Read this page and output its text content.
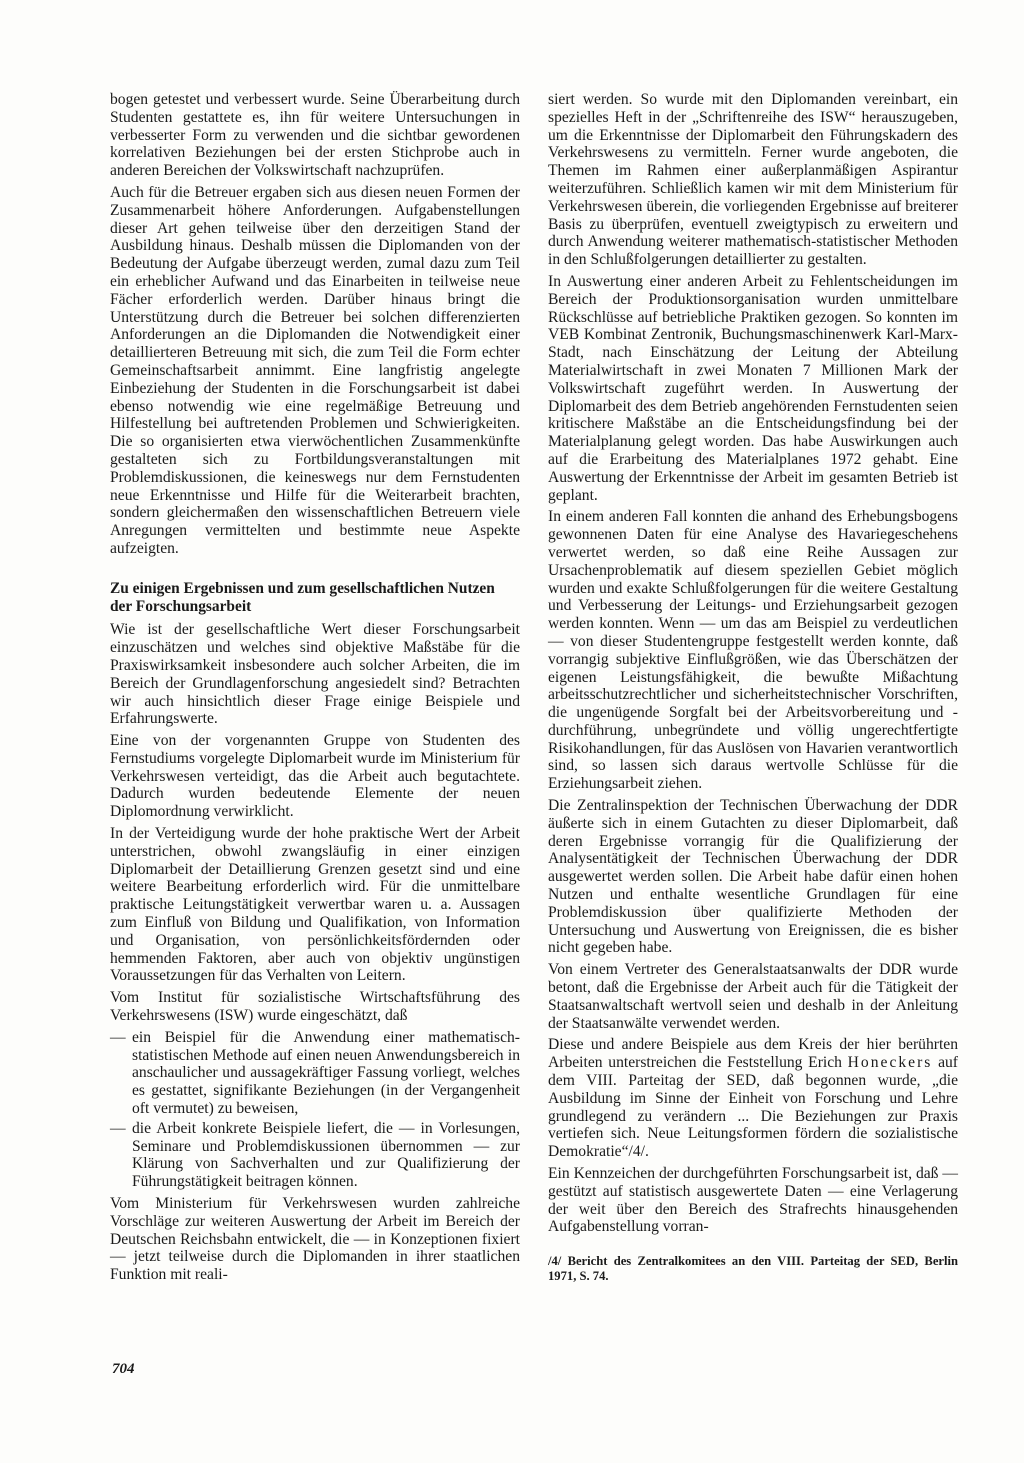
bogen getestet und verbessert wurde. Seine Überarbeitung durch Studenten gestattete es, ihn für weitere Untersuchungen in verbesserter Form zu verwenden und die sichtbar gewordenen korrelativen Beziehungen bei der ersten Stichprobe auch in anderen Bereichen der Volkswirtschaft nachzuprüfen.

Auch für die Betreuer ergaben sich aus diesen neuen Formen der Zusammenarbeit höhere Anforderungen. Aufgabenstellungen dieser Art gehen teilweise über den derzeitigen Stand der Ausbildung hinaus. Deshalb müssen die Diplomanden von der Bedeutung der Aufgabe überzeugt werden, zumal dazu zum Teil ein erheblicher Aufwand und das Einarbeiten in teilweise neue Fächer erforderlich werden. Darüber hinaus bringt die Unterstützung durch die Betreuer bei solchen differenzierten Anforderungen an die Diplomanden die Notwendigkeit einer detaillierteren Betreuung mit sich, die zum Teil die Form echter Gemeinschaftsarbeit annimmt. Eine langfristig angelegte Einbeziehung der Studenten in die Forschungsarbeit ist dabei ebenso notwendig wie eine regelmäßige Betreuung und Hilfestellung bei auftretenden Problemen und Schwierigkeiten. Die so organisierten etwa vierwöchentlichen Zusammenkünfte gestalteten sich zu Fortbildungsveranstaltungen mit Problemdiskussionen, die keineswegs nur dem Fernstudenten neue Erkenntnisse und Hilfe für die Weiterarbeit brachten, sondern gleichermaßen den wissenschaftlichen Betreuern viele Anregungen vermittelten und bestimmte neue Aspekte aufzeigten.

Zu einigen Ergebnissen und zum gesellschaftlichen Nutzen der Forschungsarbeit

Wie ist der gesellschaftliche Wert dieser Forschungsarbeit einzuschätzen und welches sind objektive Maßstäbe für die Praxiswirksamkeit insbesondere auch solcher Arbeiten, die im Bereich der Grundlagenforschung angesiedelt sind? Betrachten wir auch hinsichtlich dieser Frage einige Beispiele und Erfahrungswerte.

Eine von der vorgenannten Gruppe von Studenten des Fernstudiums vorgelegte Diplomarbeit wurde im Ministerium für Verkehrswesen verteidigt, das die Arbeit auch begutachtete. Dadurch wurden bedeutende Elemente der neuen Diplomordnung verwirklicht.

In der Verteidigung wurde der hohe praktische Wert der Arbeit unterstrichen, obwohl zwangsläufig in einer einzigen Diplomarbeit der Detaillierung Grenzen gesetzt sind und eine weitere Bearbeitung erforderlich wird. Für die unmittelbare praktische Leitungstätigkeit verwertbar waren u. a. Aussagen zum Einfluß von Bildung und Qualifikation, von Information und Organisation, von persönlichkeitsfördernden oder hemmenden Faktoren, aber auch von objektiv ungünstigen Voraussetzungen für das Verhalten von Leitern.

Vom Institut für sozialistische Wirtschaftsführung des Verkehrswesens (ISW) wurde eingeschätzt, daß

— ein Beispiel für die Anwendung einer mathematisch-statistischen Methode auf einen neuen Anwendungsbereich in anschaulicher und aussagekräftiger Fassung vorliegt, welches es gestattet, signifikante Beziehungen (in der Vergangenheit oft vermutet) zu beweisen,
— die Arbeit konkrete Beispiele liefert, die — in Vorlesungen, Seminare und Problemdiskussionen übernommen — zur Klärung von Sachverhalten und zur Qualifizierung der Führungstätigkeit beitragen können.

Vom Ministerium für Verkehrswesen wurden zahlreiche Vorschläge zur weiteren Auswertung der Arbeit im Bereich der Deutschen Reichsbahn entwickelt, die — in Konzeptionen fixiert — jetzt teilweise durch die Diplomanden in ihrer staatlichen Funktion mit reali-

siert werden. So wurde mit den Diplomanden vereinbart, ein spezielles Heft in der „Schriftenreihe des ISW“ herauszugeben, um die Erkenntnisse der Diplomarbeit den Führungskadern des Verkehrswesens zu vermitteln. Ferner wurde angeboten, die Themen im Rahmen einer außerplanmäßigen Aspirantur weiterzuführen. Schließlich kamen wir mit dem Ministerium für Verkehrswesen überein, die vorliegenden Ergebnisse auf breiterer Basis zu überprüfen, eventuell zweigtypisch zu erweitern und durch Anwendung weiterer mathematisch-statistischer Methoden in den Schlußfolgerungen detaillierter zu gestalten.

In Auswertung einer anderen Arbeit zu Fehlentscheidungen im Bereich der Produktionsorganisation wurden unmittelbare Rückschlüsse auf betriebliche Praktiken gezogen. So konnten im VEB Kombinat Zentronik, Buchungsmaschinenwerk Karl-Marx-Stadt, nach Einschätzung der Leitung der Abteilung Materialwirtschaft in zwei Monaten 7 Millionen Mark der Volkswirtschaft zugeführt werden. In Auswertung der Diplomarbeit des dem Betrieb angehörenden Fernstudenten seien kritischere Maßstäbe an die Entscheidungsfindung bei der Materialplanung gelegt worden. Das habe Auswirkungen auch auf die Erarbeitung des Materialplanes 1972 gehabt. Eine Auswertung der Erkenntnisse der Arbeit im gesamten Betrieb ist geplant.

In einem anderen Fall konnten die anhand des Erhebungsbogens gewonnenen Daten für eine Analyse des Havariegeschehens verwertet werden, so daß eine Reihe Aussagen zur Ursachenproblematik auf diesem speziellen Gebiet möglich wurden und exakte Schlußfolgerungen für die weitere Gestaltung und Verbesserung der Leitungs- und Erziehungsarbeit gezogen werden konnten. Wenn — um das am Beispiel zu verdeutlichen — von dieser Studentengruppe festgestellt werden konnte, daß vorrangig subjektive Einflußgrößen, wie das Überschätzen der eigenen Leistungsfähigkeit, die bewußte Mißachtung arbeitsschutzrechtlicher und sicherheitstechnischer Vorschriften, die ungenügende Sorgfalt bei der Arbeitsvorbereitung und -durchführung, unbegründete und völlig ungerechtfertigte Risikohandlungen, für das Auslösen von Havarien verantwortlich sind, so lassen sich daraus wertvolle Schlüsse für die Erziehungsarbeit ziehen.

Die Zentralinspektion der Technischen Überwachung der DDR äußerte sich in einem Gutachten zu dieser Diplomarbeit, daß deren Ergebnisse vorrangig für die Qualifizierung der Analysentätigkeit der Technischen Überwachung der DDR ausgewertet werden sollen. Die Arbeit habe dafür einen hohen Nutzen und enthalte wesentliche Grundlagen für eine Problemdiskussion über qualifizierte Methoden der Untersuchung und Auswertung von Ereignissen, die es bisher nicht gegeben habe.

Von einem Vertreter des Generalstaatsanwalts der DDR wurde betont, daß die Ergebnisse der Arbeit auch für die Tätigkeit der Staatsanwaltschaft wertvoll seien und deshalb in der Anleitung der Staatsanwälte verwendet werden.

Diese und andere Beispiele aus dem Kreis der hier berührten Arbeiten unterstreichen die Feststellung Erich Honeckers auf dem VIII. Parteitag der SED, daß begonnen wurde, „die Ausbildung im Sinne der Einheit von Forschung und Lehre grundlegend zu verändern ... Die Beziehungen zur Praxis vertiefen sich. Neue Leitungsformen fördern die sozialistische Demokratie“/4/.

Ein Kennzeichen der durchgeführten Forschungsarbeit ist, daß — gestützt auf statistisch ausgewertete Daten — eine Verlagerung der weit über den Bereich des Strafrechts hinausgehenden Aufgabenstellung vorran-

/4/ Bericht des Zentralkomitees an den VIII. Parteitag der SED, Berlin 1971, S. 74.
704
